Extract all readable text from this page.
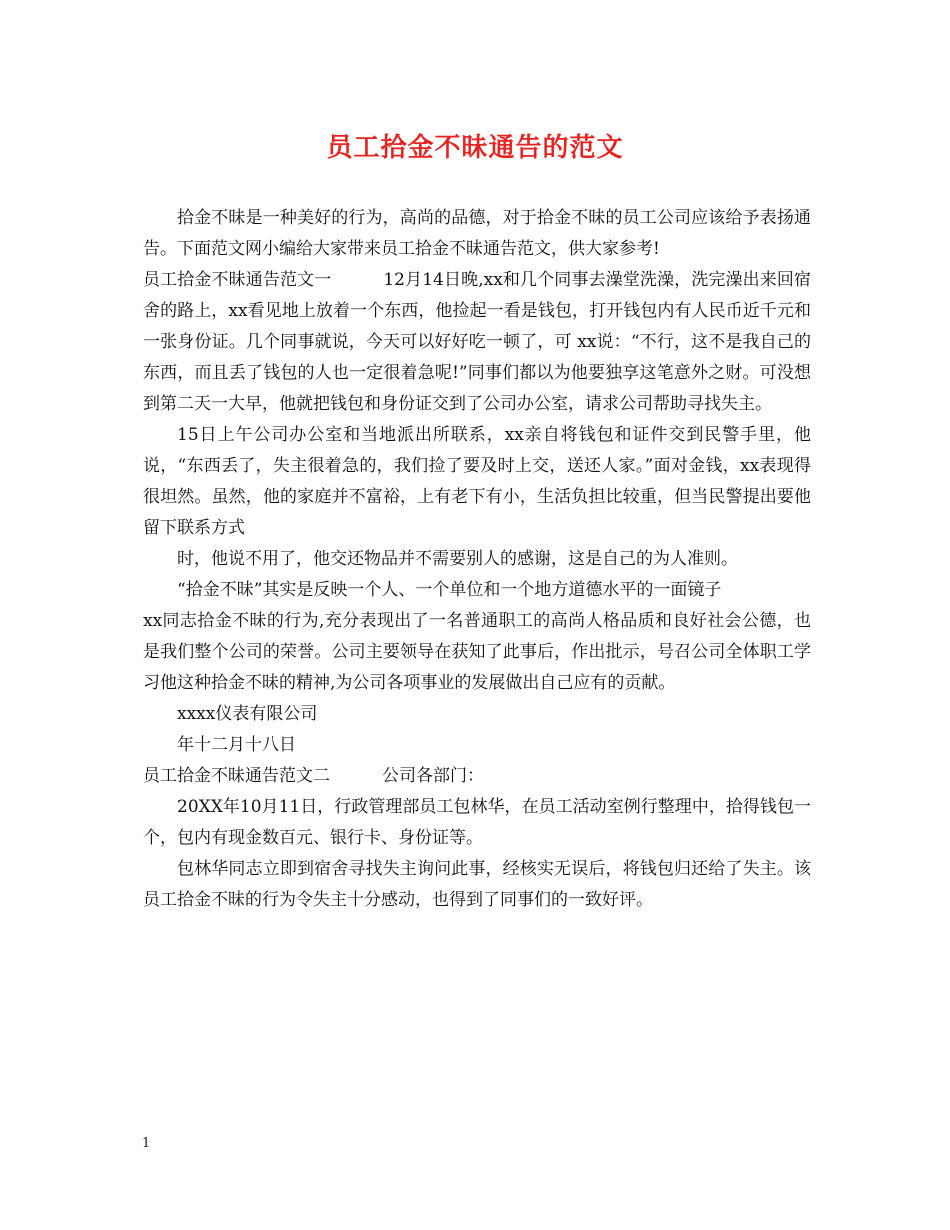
员工拾金不昧通告的范文

拾金不昧是一种美好的行为，高尚的品德，对于拾金不昧的员工公司应该给予表扬通告。下面范文网小编给大家带来员工拾金不昧通告范文，供大家参考!

员工拾金不昧通告范文一	12月14日晚,xx和几个同事去澡堂洗澡，洗完澡出来回宿舍的路上，xx看见地上放着一个东西，他捡起一看是钱包，打开钱包内有人民币近千元和一张身份证。几个同事就说，今天可以好好吃一顿了，可 xx说：“不行，这不是我自己的东西，而且丢了钱包的人也一定很着急呢!”同事们都以为他要独享这笔意外之财。可没想到第二天一大早，他就把钱包和身份证交到了公司办公室，请求公司帮助寻找失主。

15日上午公司办公室和当地派出所联系，xx亲自将钱包和证件交到民警手里，他说，“东西丢了，失主很着急的，我们捡了要及时上交，送还人家。”面对金钱，xx表现得很坦然。虽然，他的家庭并不富裕，上有老下有小，生活负担比较重，但当民警提出要他留下联系方式

时，他说不用了，他交还物品并不需要别人的感谢，这是自己的为人准则。

“拾金不昧”其实是反映一个人、一个单位和一个地方道德水平的一面镜子

xx同志拾金不昧的行为,充分表现出了一名普通职工的高尚人格品质和良好社会公德，也是我们整个公司的荣誉。公司主要领导在获知了此事后，作出批示，号召公司全体职工学习他这种拾金不昧的精神,为公司各项事业的发展做出自己应有的贡献。

xxxx仪表有限公司

年十二月十八日

员工拾金不昧通告范文二	公司各部门：

20XX年10月11日，行政管理部员工包林华，在员工活动室例行整理中，拾得钱包一个，包内有现金数百元、银行卡、身份证等。

包林华同志立即到宿舍寻找失主询问此事，经核实无误后，将钱包归还给了失主。该员工拾金不昧的行为令失主十分感动，也得到了同事们的一致好评。

1
